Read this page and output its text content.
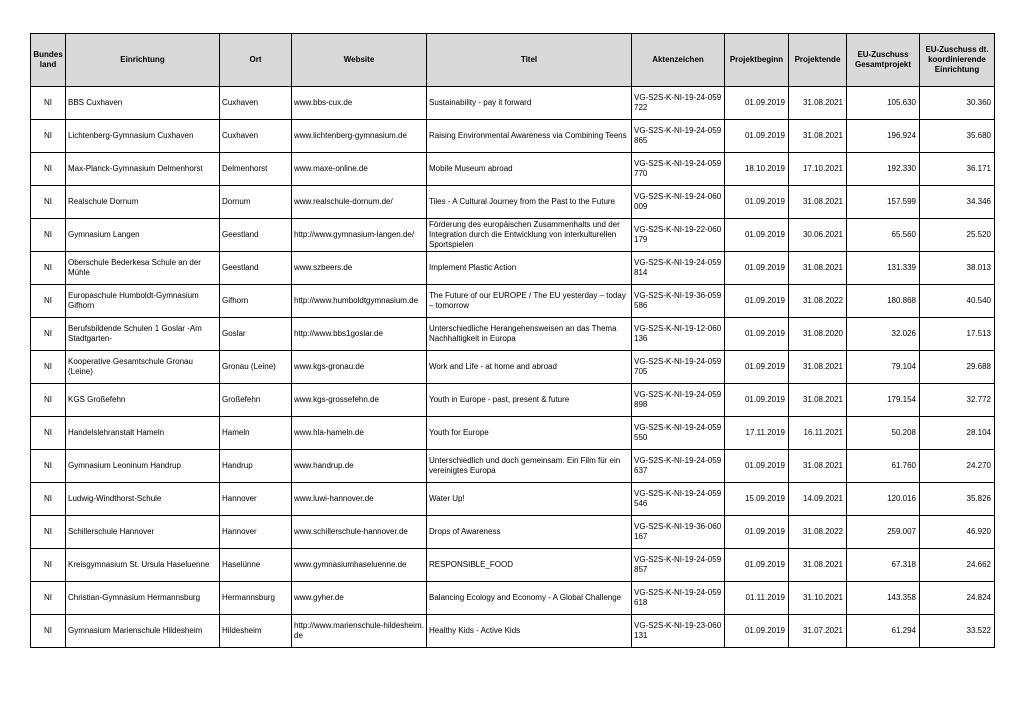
Bundes land	Einrichtung	Ort	Website	Titel	Aktenzeichen	Projektbeginn	Projektende	EU-Zuschuss Gesamtprojekt	EU-Zuschuss dt. koordinierende Einrichtung
NI	BBS Cuxhaven	Cuxhaven	www.bbs-cux.de	Sustainability - pay it forward	VG-S2S-K-NI-19-24-059722	01.09.2019	31.08.2021	105.630	30.360
NI	Lichtenberg-Gymnasium Cuxhaven	Cuxhaven	www.lichtenberg-gymnasium.de	Raising Environmental Awareness via Combining Teens	VG-S2S-K-NI-19-24-059865	01.09.2019	31.08.2021	196.924	35.680
NI	Max-Planck-Gymnasium Delmenhorst	Delmenhorst	www.maxe-online.de	Mobile Museum abroad	VG-S2S-K-NI-19-24-059770	18.10.2019	17.10.2021	192.330	36.171
NI	Realschule Dornum	Dornum	www.realschule-dornum.de/	Tiles - A Cultural Journey from the Past to the Future	VG-S2S-K-NI-19-24-060009	01.09.2019	31.08.2021	157.599	34.346
NI	Gymnasium Langen	Geestland	http://www.gymnasium-langen.de/	Förderung des europäischen Zusammenhalts und der Integration durch die Entwicklung von interkulturellen Sportspielen	VG-S2S-K-NI-19-22-060179	01.09.2019	30.06.2021	65.560	25.520
NI	Oberschule Bederkesa Schule an der Mühle	Geestland	www.szbeers.de	Implement Plastic Action	VG-S2S-K-NI-19-24-059814	01.09.2019	31.08.2021	131.339	38.013
NI	Europaschule Humboldt-Gymnasium Gifhorn	Gifhorn	http://www.humboldtgymnasium.de	The Future of our EUROPE / The EU yesterday – today – tomorrow	VG-S2S-K-NI-19-36-059586	01.09.2019	31.08.2022	180.868	40.540
NI	Berufsbildende Schulen 1 Goslar -Am Stadtgarten-	Goslar	http://www.bbs1goslar.de	Unterschiedliche Herangehensweisen an das Thema Nachhaltigkeit in Europa	VG-S2S-K-NI-19-12-060136	01.09.2019	31.08.2020	32.026	17.513
NI	Kooperative Gesamtschule Gronau (Leine)	Gronau (Leine)	www.kgs-gronau.de	Work and Life - at home and abroad	VG-S2S-K-NI-19-24-059705	01.09.2019	31.08.2021	79.104	29.688
NI	KGS Großefehn	Großefehn	www.kgs-grossefehn.de	Youth in Europe - past, present & future	VG-S2S-K-NI-19-24-059898	01.09.2019	31.08.2021	179.154	32.772
NI	Handelslehranstalt Hameln	Hameln	www.hla-hameln.de	Youth for Europe	VG-S2S-K-NI-19-24-059550	17.11.2019	16.11.2021	50.208	28.104
NI	Gymnasium Leoninum Handrup	Handrup	www.handrup.de	Unterschiedlich und doch gemeinsam. Ein Film für ein vereinigtes Europa	VG-S2S-K-NI-19-24-059637	01.09.2019	31.08.2021	61.760	24.270
NI	Ludwig-Windthorst-Schule	Hannover	www.luwi-hannover.de	Water Up!	VG-S2S-K-NI-19-24-059546	15.09.2019	14.09.2021	120.016	35.826
NI	Schillerschule Hannover	Hannover	www.schillerschule-hannover.de	Drops of Awareness	VG-S2S-K-NI-19-36-060167	01.09.2019	31.08.2022	259.007	46.920
NI	Kreisgymnasium St. Ursula Haseluenne	Haselünne	www.gymnasiumhaseluenne.de	RESPONSIBLE_FOOD	VG-S2S-K-NI-19-24-059857	01.09.2019	31.08.2021	67.318	24.662
NI	Christian-Gymnasium Hermannsburg	Hermannsburg	www.gyher.de	Balancing Ecology and Economy - A Global Challenge	VG-S2S-K-NI-19-24-059618	01.11.2019	31.10.2021	143.358	24.824
NI	Gymnasium Marienschule Hildesheim	Hildesheim	http://www.marienschule-hildesheim.de	Healthy Kids - Active Kids	VG-S2S-K-NI-19-23-060131	01.09.2019	31.07.2021	61.294	33.522
